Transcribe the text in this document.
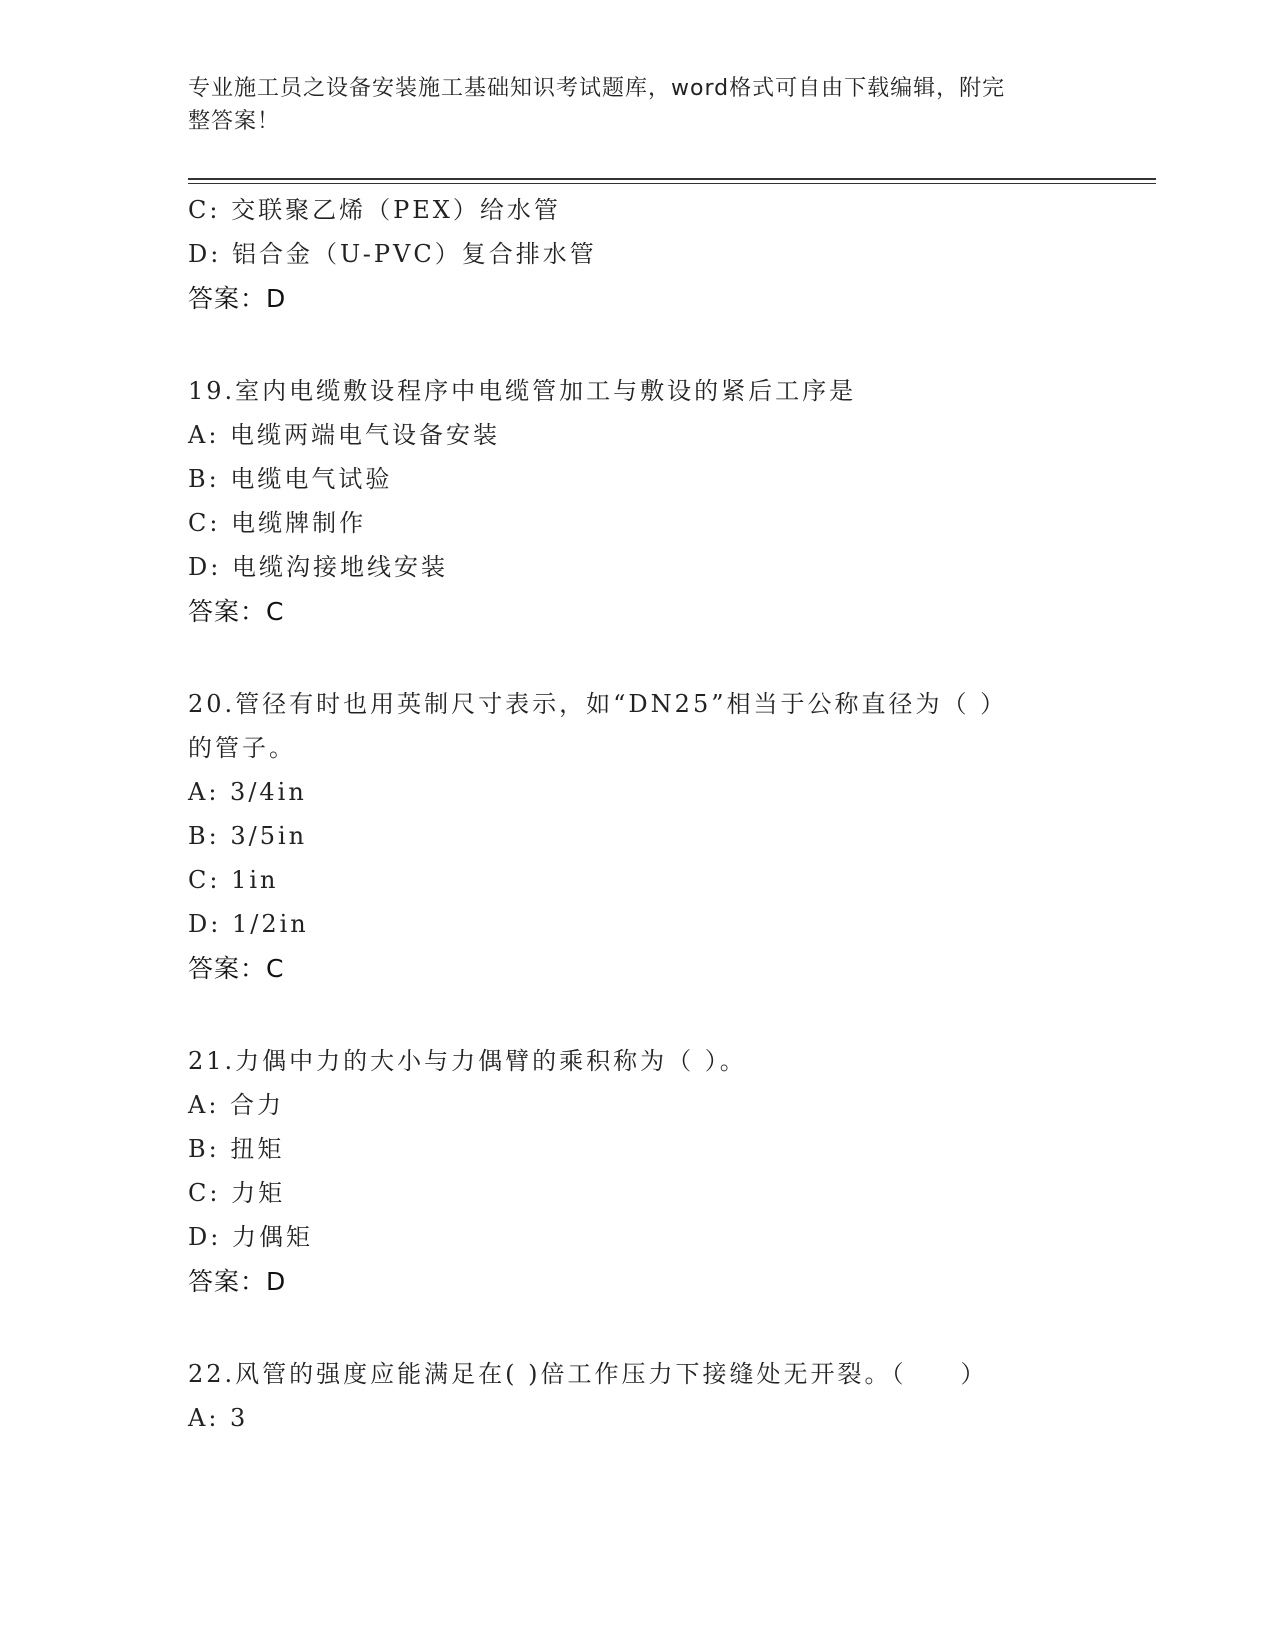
专业施工员之设备安装施工基础知识考试题库，word格式可自由下载编辑，附完
整答案！
C: 交联聚乙烯（PEX）给水管
D: 铝合金（U-PVC）复合排水管
答案：D
19.室内电缆敷设程序中电缆管加工与敷设的紧后工序是
A: 电缆两端电气设备安装
B: 电缆电气试验
C: 电缆牌制作
D: 电缆沟接地线安装
答案：C
20.管径有时也用英制尺寸表示，如“DN25”相当于公称直径为（ ）
的管子。
A: 3/4in
B: 3/5in
C: 1in
D: 1/2in
答案：C
21.力偶中力的大小与力偶臂的乘积称为（ ）。
A: 合力
B: 扭矩
C: 力矩
D: 力偶矩
答案：D
22.风管的强度应能满足在( )倍工作压力下接缝处无开裂。（　　）
A: 3
